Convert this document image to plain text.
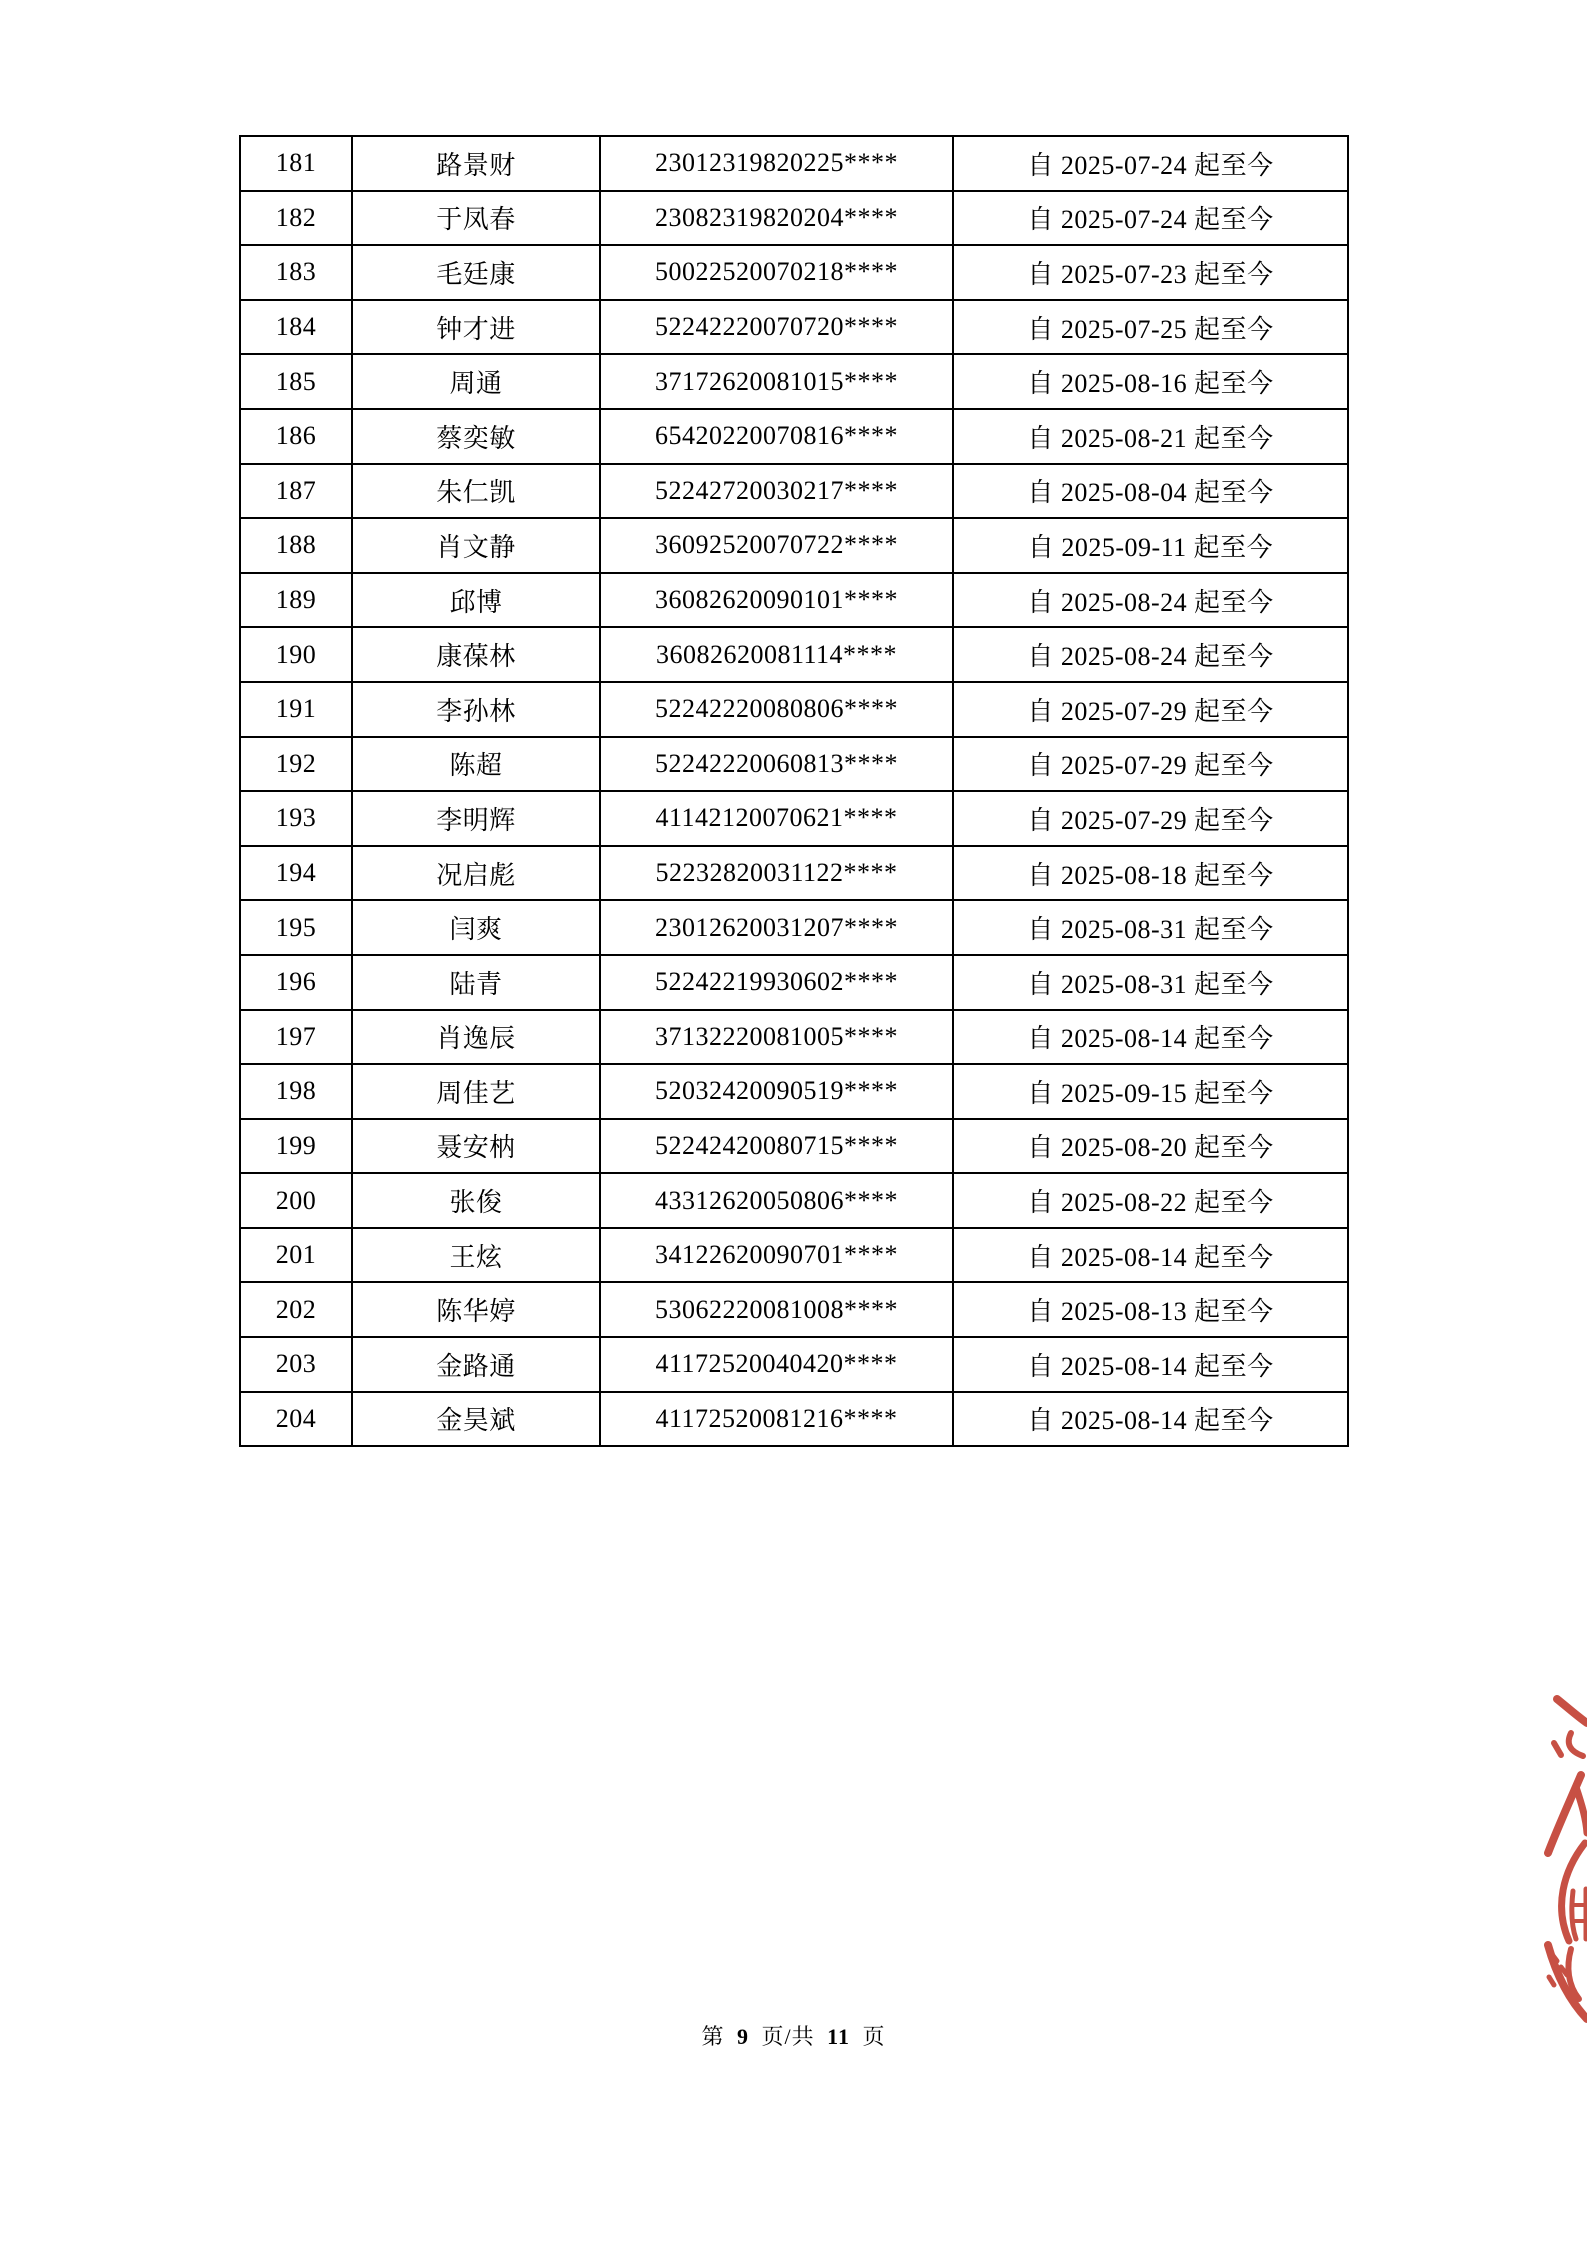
181	路景财	23012319820225****	自 2025-07-24 起至今
182	于凤春	23082319820204****	自 2025-07-24 起至今
183	毛廷康	50022520070218****	自 2025-07-23 起至今
184	钟才进	52242220070720****	自 2025-07-25 起至今
185	周通	37172620081015****	自 2025-08-16 起至今
186	蔡奕敏	65420220070816****	自 2025-08-21 起至今
187	朱仁凯	52242720030217****	自 2025-08-04 起至今
188	肖文静	36092520070722****	自 2025-09-11 起至今
189	邱博	36082620090101****	自 2025-08-24 起至今
190	康葆林	36082620081114****	自 2025-08-24 起至今
191	李孙林	52242220080806****	自 2025-07-29 起至今
192	陈超	52242220060813****	自 2025-07-29 起至今
193	李明辉	41142120070621****	自 2025-07-29 起至今
194	况启彪	52232820031122****	自 2025-08-18 起至今
195	闫爽	23012620031207****	自 2025-08-31 起至今
196	陆青	52242219930602****	自 2025-08-31 起至今
197	肖逸辰	37132220081005****	自 2025-08-14 起至今
198	周佳艺	52032420090519****	自 2025-09-15 起至今
199	聂安枘	52242420080715****	自 2025-08-20 起至今
200	张俊	43312620050806****	自 2025-08-22 起至今
201	王炫	34122620090701****	自 2025-08-14 起至今
202	陈华婷	53062220081008****	自 2025-08-13 起至今
203	金路通	41172520040420****	自 2025-08-14 起至今
204	金昊斌	41172520081216****	自 2025-08-14 起至今
第 9 页/共 11 页
